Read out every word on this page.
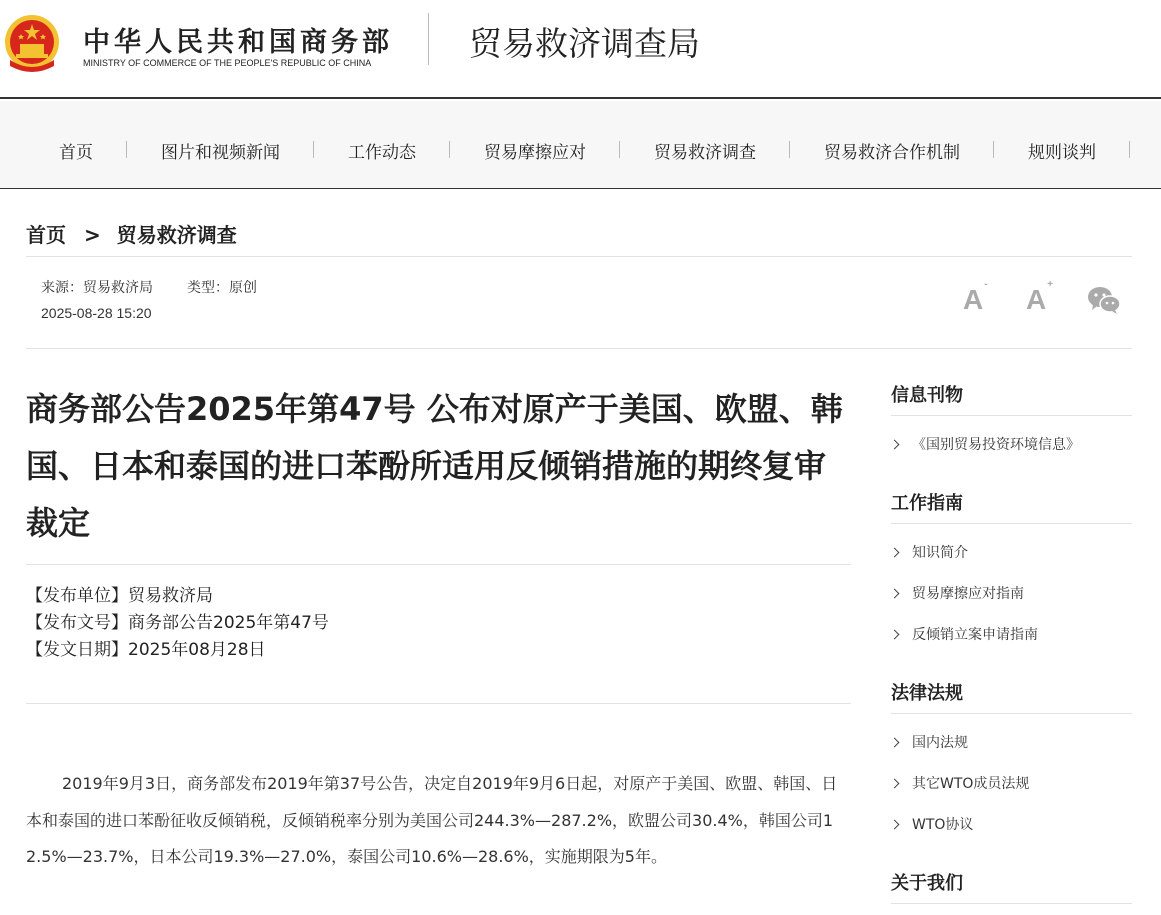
中华人民共和国商务部
MINISTRY OF COMMERCE OF THE PEOPLE'S REPUBLIC OF CHINA	贸易救济调查局
首页	图片和视频新闻	工作动态	贸易摩擦应对	贸易救济调查	贸易救济合作机制	规则谈判
首页 > 贸易救济调查
来源：贸易救济局 类型：原创
2025-08-28 15:20	A- A+
商务部公告2025年第47号 公布对原产于美国、欧盟、韩国、日本和泰国的进口苯酚所适用反倾销措施的期终复审裁定
【发布单位】贸易救济局
【发布文号】商务部公告2025年第47号
【发文日期】2025年08月28日

2019年9月3日，商务部发布2019年第37号公告，决定自2019年9月6日起，对原产于美国、欧盟、韩国、日本和泰国的进口苯酚征收反倾销税，反倾销税率分别为美国公司244.3%—287.2%，欧盟公司30.4%，韩国公司12.5%—23.7%，日本公司19.3%—27.0%，泰国公司10.6%—28.6%，实施期限为5年。

信息刊物
《国别贸易投资环境信息》
工作指南
知识简介
贸易摩擦应对指南
反倾销立案申请指南
法律法规
国内法规
其它WTO成员法规
WTO协议
关于我们
